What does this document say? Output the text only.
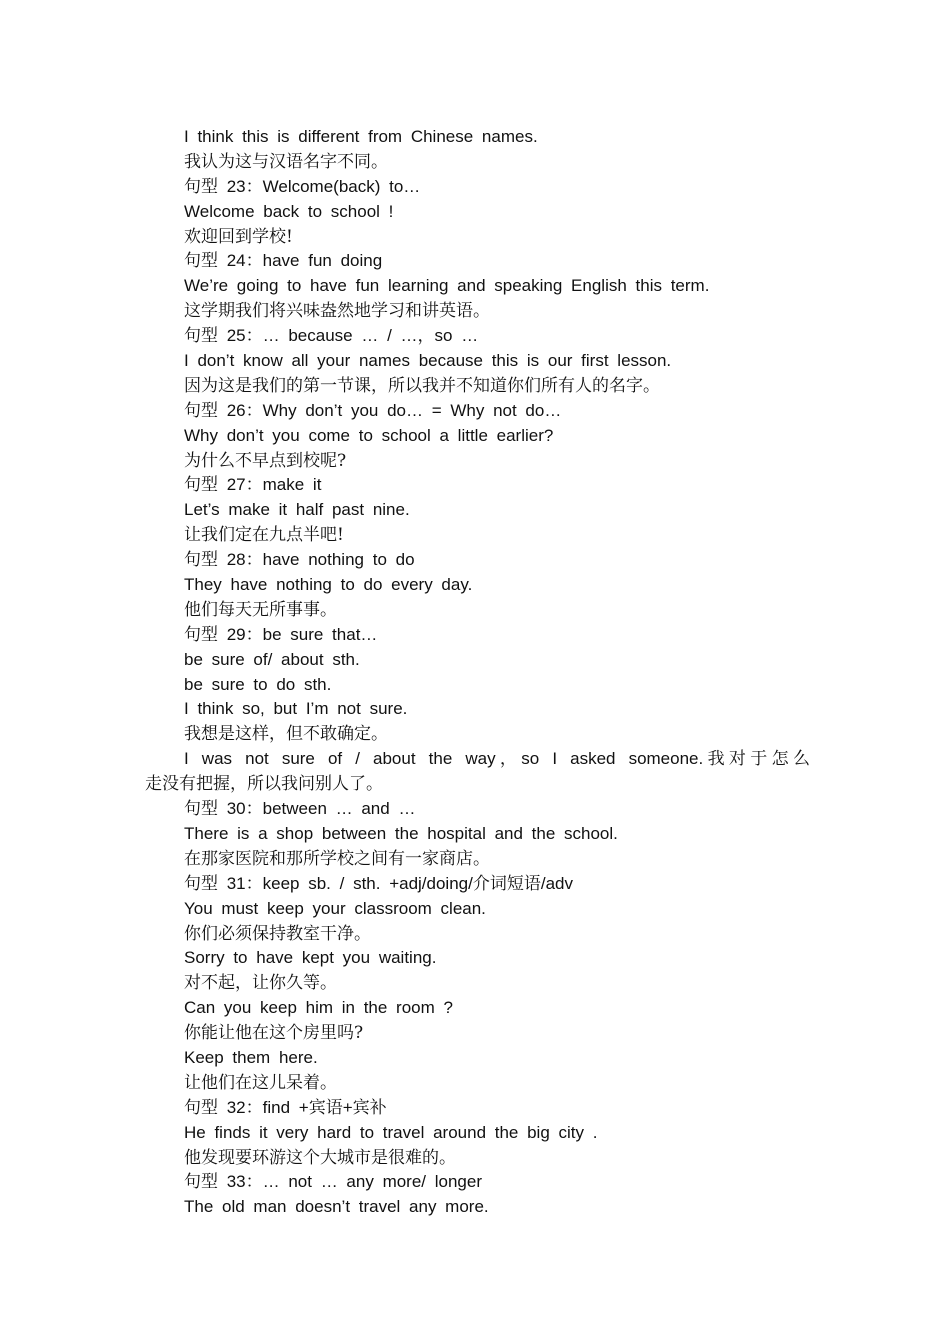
I think this is different from Chinese names.
我认为这与汉语名字不同。
句型 23：Welcome(back) to…
Welcome back to school !
欢迎回到学校!
句型 24：have fun doing
We’re going to have fun learning and speaking English this term.
这学期我们将兴味盎然地学习和讲英语。
句型 25：… because … / …，so …
I don’t know all your names because this is our first lesson.
因为这是我们的第一节课，所以我并不知道你们所有人的名字。
句型 26：Why don’t you do… = Why not do…
Why don’t you come to school a little earlier?
为什么不早点到校呢?
句型 27：make it
Let’s make it half past nine.
让我们定在九点半吧!
句型 28：have nothing to do
They have nothing to do every day.
他们每天无所事事。
句型 29：be sure that…
be sure of/ about sth.
be sure to do sth.
I think so, but I’m not sure.
我想是这样，但不敢确定。
I was not sure of / about the way，so I asked someone.我对于怎么
走没有把握，所以我问别人了。
句型 30：between … and …
There is a shop between the hospital and the school.
在那家医院和那所学校之间有一家商店。
句型 31：keep sb. / sth. +adj/doing/介词短语/adv
You must keep your classroom clean.
你们必须保持教室干净。
Sorry to have kept you waiting.
对不起，让你久等。
Can you keep him in the room ?
你能让他在这个房里吗?
Keep them here.
让他们在这儿呆着。
句型 32：find +宾语+宾补
He finds it very hard to travel around the big city .
他发现要环游这个大城市是很难的。
句型 33：… not … any more/ longer
The old man doesn’t travel any more.
